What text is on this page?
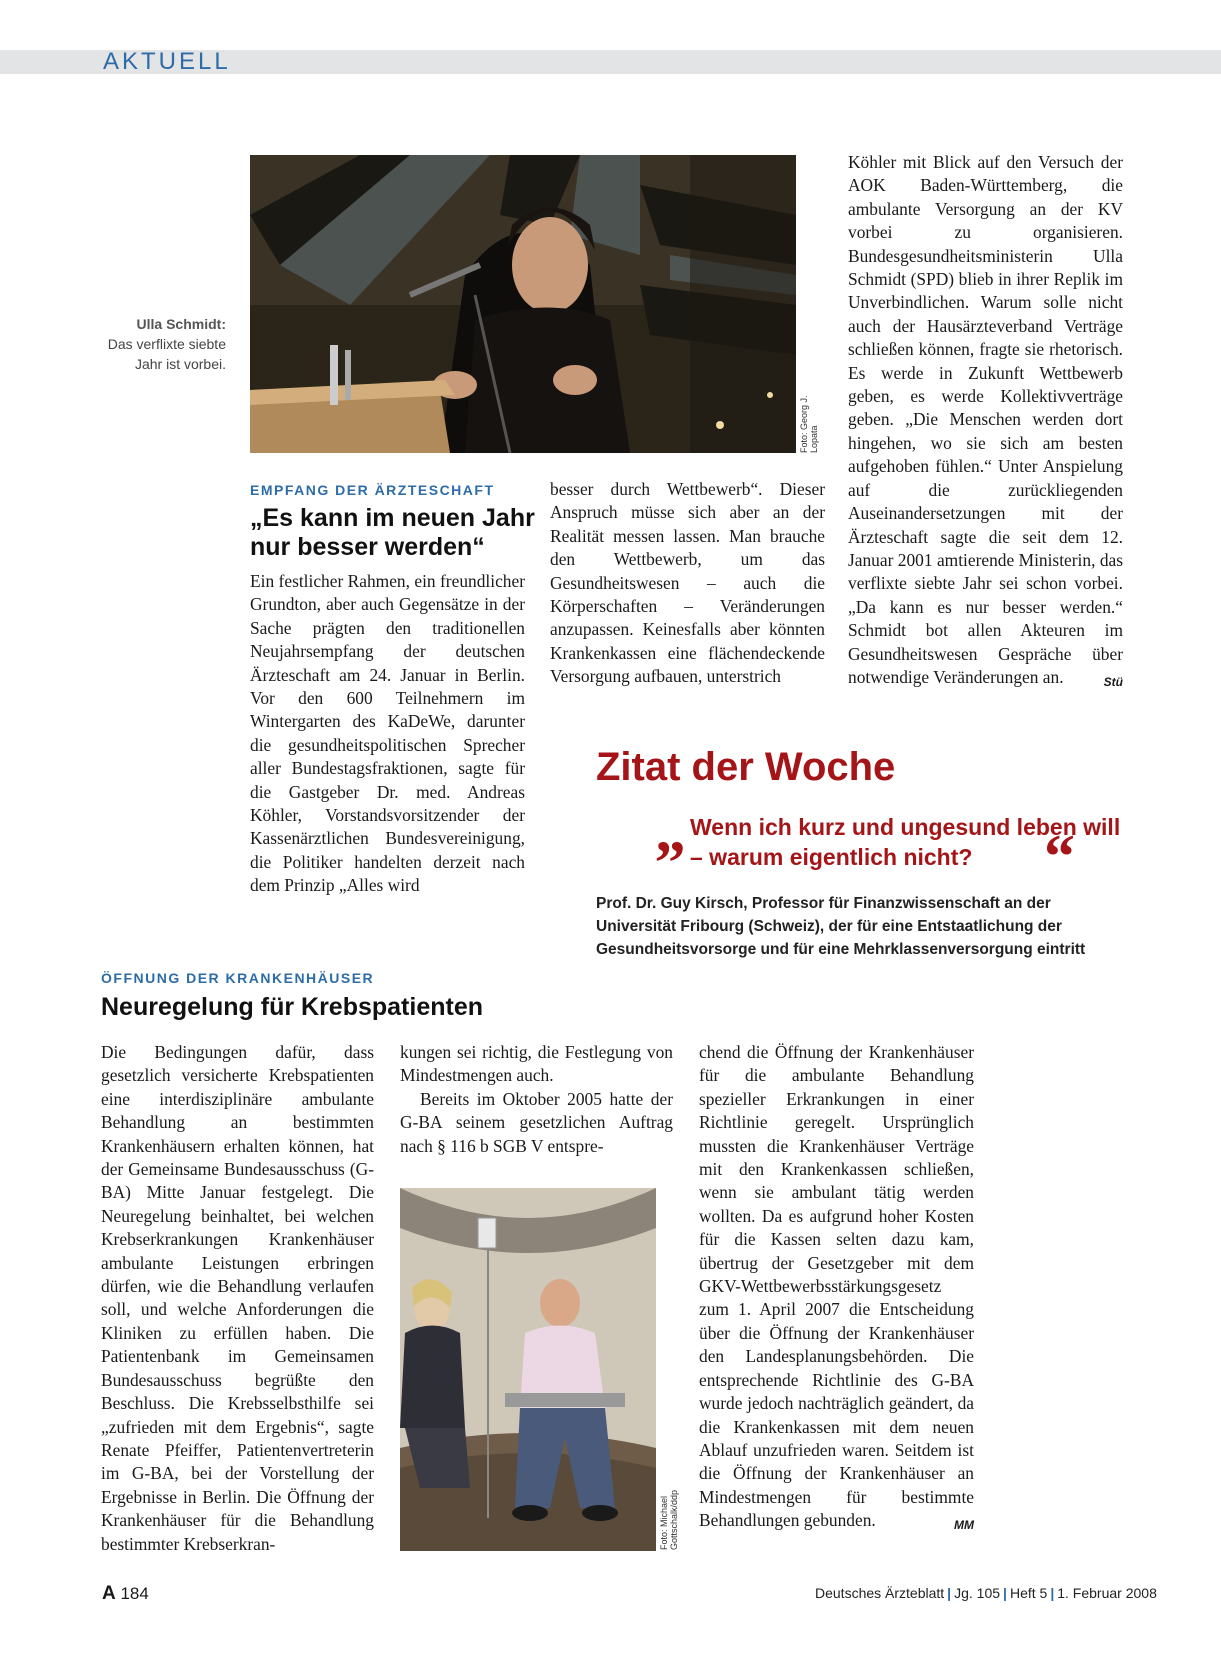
AKTUELL
Ulla Schmidt:
Das verflixte siebte Jahr ist vorbei.
Foto: Georg J. Lopata
EMPFANG DER ÄRZTESCHAFT
„Es kann im neuen Jahr nur besser werden“

Ein festlicher Rahmen, ein freundlicher Grundton, aber auch Gegensätze in der Sache prägten den traditionellen Neujahrsempfang der deutschen Ärzteschaft am 24. Januar in Berlin. Vor den 600 Teilnehmern im Wintergarten des KaDeWe, darunter die gesundheitspolitischen Sprecher aller Bundestagsfraktionen, sagte für die Gastgeber Dr. med. Andreas Köhler, Vorstandsvorsitzender der Kassenärztlichen Bundesvereinigung, die Politiker handelten derzeit nach dem Prinzip „Alles wird

besser durch Wettbewerb“. Dieser Anspruch müsse sich aber an der Realität messen lassen. Man brauche den Wettbewerb, um das Gesundheitswesen – auch die Körperschaften – Veränderungen anzupassen. Keinesfalls aber könnten Krankenkassen eine flächendeckende Versorgung aufbauen, unterstrich

Köhler mit Blick auf den Versuch der AOK Baden-Württemberg, die ambulante Versorgung an der KV vorbei zu organisieren. Bundesgesundheitsministerin Ulla Schmidt (SPD) blieb in ihrer Replik im Unverbindlichen. Warum solle nicht auch der Hausärzteverband Verträge schließen können, fragte sie rhetorisch. Es werde in Zukunft Wettbewerb geben, es werde Kollektivverträge geben. „Die Menschen werden dort hingehen, wo sie sich am besten aufgehoben fühlen.“ Unter Anspielung auf die zurückliegenden Auseinandersetzungen mit der Ärzteschaft sagte die seit dem 12. Januar 2001 amtierende Ministerin, das verflixte siebte Jahr sei schon vorbei. „Da kann es nur besser werden.“ Schmidt bot allen Akteuren im Gesundheitswesen Gespräche über notwendige Veränderungen an.	Stü

Zitat der Woche
„ Wenn ich kurz und ungesund leben will – warum eigentlich nicht?	“
Prof. Dr. Guy Kirsch, Professor für Finanzwissenschaft an der Universität Fribourg (Schweiz), der für eine Entstaatlichung der Gesundheitsvorsorge und für eine Mehrklassenversorgung eintritt
ÖFFNUNG DER KRANKENHÄUSER
Neuregelung für Krebspatienten

Die Bedingungen dafür, dass gesetzlich versicherte Krebspatienten eine interdisziplinäre ambulante Behandlung an bestimmten Krankenhäusern erhalten können, hat der Gemeinsame Bundesausschuss (G-BA) Mitte Januar festgelegt. Die Neuregelung beinhaltet, bei welchen Krebserkrankungen Krankenhäuser ambulante Leistungen erbringen dürfen, wie die Behandlung verlaufen soll, und welche Anforderungen die Kliniken zu erfüllen haben. Die Patientenbank im Gemeinsamen Bundesausschuss begrüßte den Beschluss. Die Krebsselbsthilfe sei „zufrieden mit dem Ergebnis“, sagte Renate Pfeiffer, Patientenvertreterin im G-BA, bei der Vorstellung der Ergebnisse in Berlin. Die Öffnung der Krankenhäuser für die Behandlung bestimmter Krebserkran-

kungen sei richtig, die Festlegung von Mindestmengen auch.

Bereits im Oktober 2005 hatte der G-BA seinem gesetzlichen Auftrag nach § 116 b SGB V entspre-

chend die Öffnung der Krankenhäuser für die ambulante Behandlung spezieller Erkrankungen in einer Richtlinie geregelt. Ursprünglich mussten die Krankenhäuser Verträge mit den Krankenkassen schließen, wenn sie ambulant tätig werden wollten. Da es aufgrund hoher Kosten für die Kassen selten dazu kam, übertrug der Gesetzgeber mit dem GKV-Wettbewerbsstärkungsgesetz zum 1. April 2007 die Entscheidung über die Öffnung der Krankenhäuser den Landesplanungsbehörden. Die entsprechende Richtlinie des G-BA wurde jedoch nachträglich geändert, da die Krankenkassen mit dem neuen Ablauf unzufrieden waren. Seitdem ist die Öffnung der Krankenhäuser an Mindestmengen für bestimmte Behandlungen gebunden.	MM

Foto: Michael Gottschalk/ddp
A 184	Deutsches Ärzteblatt | Jg. 105 | Heft 5 | 1. Februar 2008
